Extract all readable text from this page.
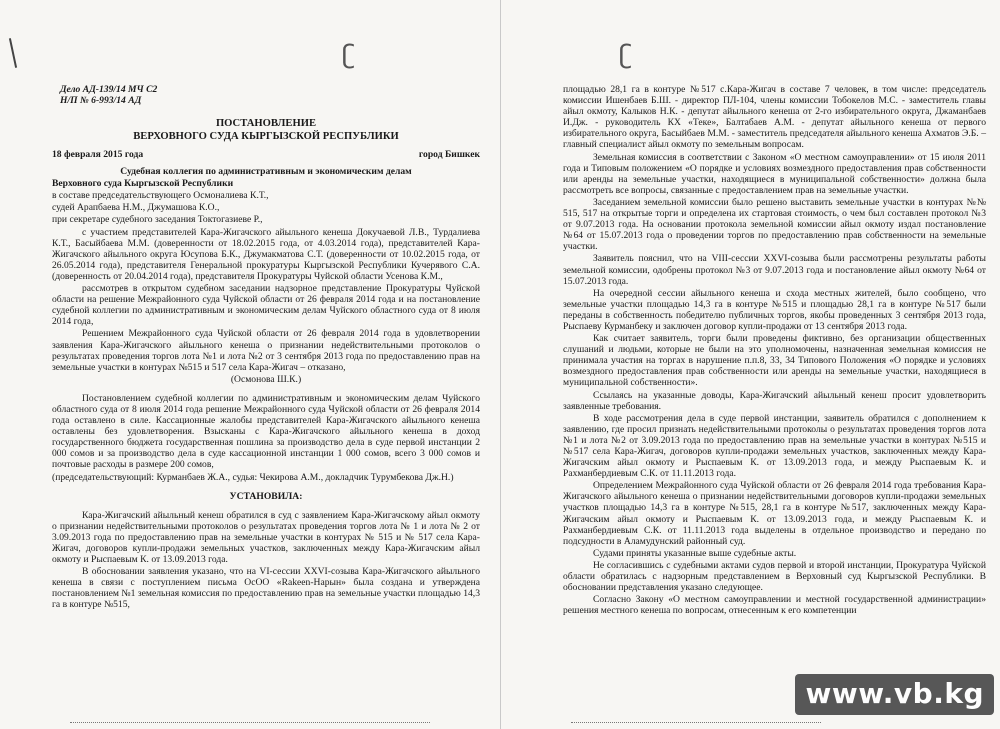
ʗ
Дело АД-139/14 МЧ С2
Н/П № 6-993/14 АД
ПОСТАНОВЛЕНИЕ
ВЕРХОВНОГО СУДА КЫРГЫЗСКОЙ РЕСПУБЛИКИ
18 февраля 2015 года	город Бишкек

Судебная коллегия по административным и экономическим делам

Верховного суда Кыргызской Республики

в составе председательствующего Осмоналиева К.Т.,

судей Арапбаева Н.М., Джумашова К.О.,

при секретаре судебного заседания Токтогазиеве Р.,

с участием представителей Кара-Жигачского айыльного кенеша Докучаевой Л.В., Турдалиева К.Т., Басыйбаева М.М. (доверенности от 18.02.2015 года, от 4.03.2014 года), представителей Кара-Жигачского айыльного округа Юсупова Б.К., Джумакматова С.Т. (доверенности от 10.02.2015 года, от 26.05.2014 года), представителя Генеральной прокуратуры Кыргызской Республики Кучерявого С.А. (доверенность от 20.04.2014 года), представителя Прокуратуры Чуйской области Усенова К.М.,

рассмотрев в открытом судебном заседании надзорное представление Прокуратуры Чуйской области на решение Межрайонного суда Чуйской области от 26 февраля 2014 года и на постановление судебной коллегии по административным и экономическим делам Чуйского областного суда от 8 июля 2014 года,

Решением Межрайонного суда Чуйской области от 26 февраля 2014 года в удовлетворении заявления Кара-Жигачского айыльного кенеша о признании недействительными протоколов о результатах проведения торгов лота №1 и лота №2 от 3 сентября 2013 года по предоставлению прав на земельные участки в контурах №515 и 517 села Кара-Жигач – отказано,

(Осмонова Ш.К.)

Постановлением судебной коллегии по административным и экономическим делам Чуйского областного суда от 8 июля 2014 года решение Межрайонного суда Чуйской области от 26 февраля 2014 года оставлено в силе. Кассационные жалобы представителей Кара-Жигачского айыльного кенеша оставлены без удовлетворения. Взысканы с Кара-Жигачского айыльного кенеша в доход государственного бюджета государственная пошлина за производство дела в суде первой инстанции 2 000 сомов и за производство дела в суде кассационной инстанции 1 000 сомов, всего 3 000 сомов и почтовые расходы в размере 200 сомов,

(председательствующий: Курманбаев Ж.А., судья: Чекирова А.М., докладчик Турумбекова Дж.Н.)

УСТАНОВИЛА:

Кара-Жигачский айыльный кенеш обратился в суд с заявлением Кара-Жигачскому айыл окмоту о признании недействительными протоколов о результатах проведения торгов лота № 1 и лота № 2 от 3.09.2013 года по предоставлению прав на земельные участки в контурах № 515 и № 517 села Кара-Жигач, договоров купли-продажи земельных участков, заключенных между Кара-Жигачским айыл окмоту и Рыспаевым К. от 13.09.2013 года.

В обосновании заявления указано, что на VI-сессии XXVI-созыва Кара-Жигачского айыльного кенеша в связи с поступлением письма ОсОО «Rakeen-Нарын» была создана и утверждена постановлением №1 земельная комиссия по предоставлению прав на земельные участки площадью 14,3 га в контуре №515,

ʗ

площадью 28,1 га в контуре №517 с.Кара-Жигач в составе 7 человек, в том числе: председатель комиссии Ишенбаев Б.Ш. - директор ПЛ-104, члены комиссии Тобокелов М.С. - заместитель главы айыл окмоту, Калыков Н.К. - депутат айыльного кенеша от 2-го избирательного округа, Джаманбаев И.Дж. - руководитель КХ «Теке», Балтабаев А.М. - депутат айыльного кенеша от первого избирательного округа, Басыйбаев М.М. - заместитель председателя айыльного кенеша Ахматов Э.Б. – главный специалист айыл окмоту по земельным вопросам.

Земельная комиссия в соответствии с Законом «О местном самоуправлении» от 15 июля 2011 года и Типовым положением «О порядке и условиях возмездного предоставления прав собственности или аренды на земельные участки, находящиеся в муниципальной собственности» должна была рассмотреть все вопросы, связанные с предоставлением прав на земельные участки.

Заседанием земельной комиссии было решено выставить земельные участки в контурах №№ 515, 517 на открытые торги и определена их стартовая стоимость, о чем был составлен протокол №3 от 9.07.2013 года. На основании протокола земельной комиссии айыл окмоту издал постановление №64 от 15.07.2013 года о проведении торгов по предоставлению прав собственности на земельные участки.

Заявитель пояснил, что на VIII-сессии XXVI-созыва были рассмотрены результаты работы земельной комиссии, одобрены протокол №3 от 9.07.2013 года и постановление айыл окмоту №64 от 15.07.2013 года.

На очередной сессии айыльного кенеша и схода местных жителей, было сообщено, что земельные участки площадью 14,3 га в контуре №515 и площадью 28,1 га в контуре №517 были переданы в собственность победителю публичных торгов, якобы проведенных 3 сентября 2013 года, Рыспаеву Курманбеку и заключен договор купли-продажи от 13 сентября 2013 года.

Как считает заявитель, торги были проведены фиктивно, без организации общественных слушаний и людьми, которые не были на это уполномочены, назначенная земельная комиссия не принимала участия на торгах в нарушение п.п.8, 33, 34 Типового Положения «О порядке и условиях возмездного предоставления прав собственности или аренды на земельные участки, находящиеся в муниципальной собственности».

Ссылаясь на указанные доводы, Кара-Жигачский айыльный кенеш просит удовлетворить заявленные требования.

В ходе рассмотрения дела в суде первой инстанции, заявитель обратился с дополнением к заявлению, где просил признать недействительными протоколы о результатах проведения торгов лота №1 и лота №2 от 3.09.2013 года по предоставлению прав на земельные участки в контурах №515 и №517 села Кара-Жигач, договоров купли-продажи земельных участков, заключенных между Кара-Жигачским айыл окмоту и Рыспаевым К. от 13.09.2013 года, и между Рыспаевым К. и Рахманбердиевым С.К. от 11.11.2013 года.

Определением Межрайонного суда Чуйской области от 26 февраля 2014 года требования Кара-Жигачского айыльного кенеша о признании недействительными договоров купли-продажи земельных участков площадью 14,3 га в контуре №515, 28,1 га в контуре №517, заключенных между Кара-Жигачским айыл окмоту и Рыспаевым К. от 13.09.2013 года, и между Рыспаевым К. и Рахманбердиевым С.К. от 11.11.2013 года выделены в отдельное производство и передано по подсудности в Аламудунский районный суд.

Судами приняты указанные выше судебные акты.

Не согласившись с судебными актами судов первой и второй инстанции, Прокуратура Чуйской области обратилась с надзорным представлением в Верховный суд Кыргызской Республики. В обосновании представления указано следующее.

Согласно Закону «О местном самоуправлении и местной государственной администрации» решения местного кенеша по вопросам, отнесенным к его компетенции

www.vb.kg
